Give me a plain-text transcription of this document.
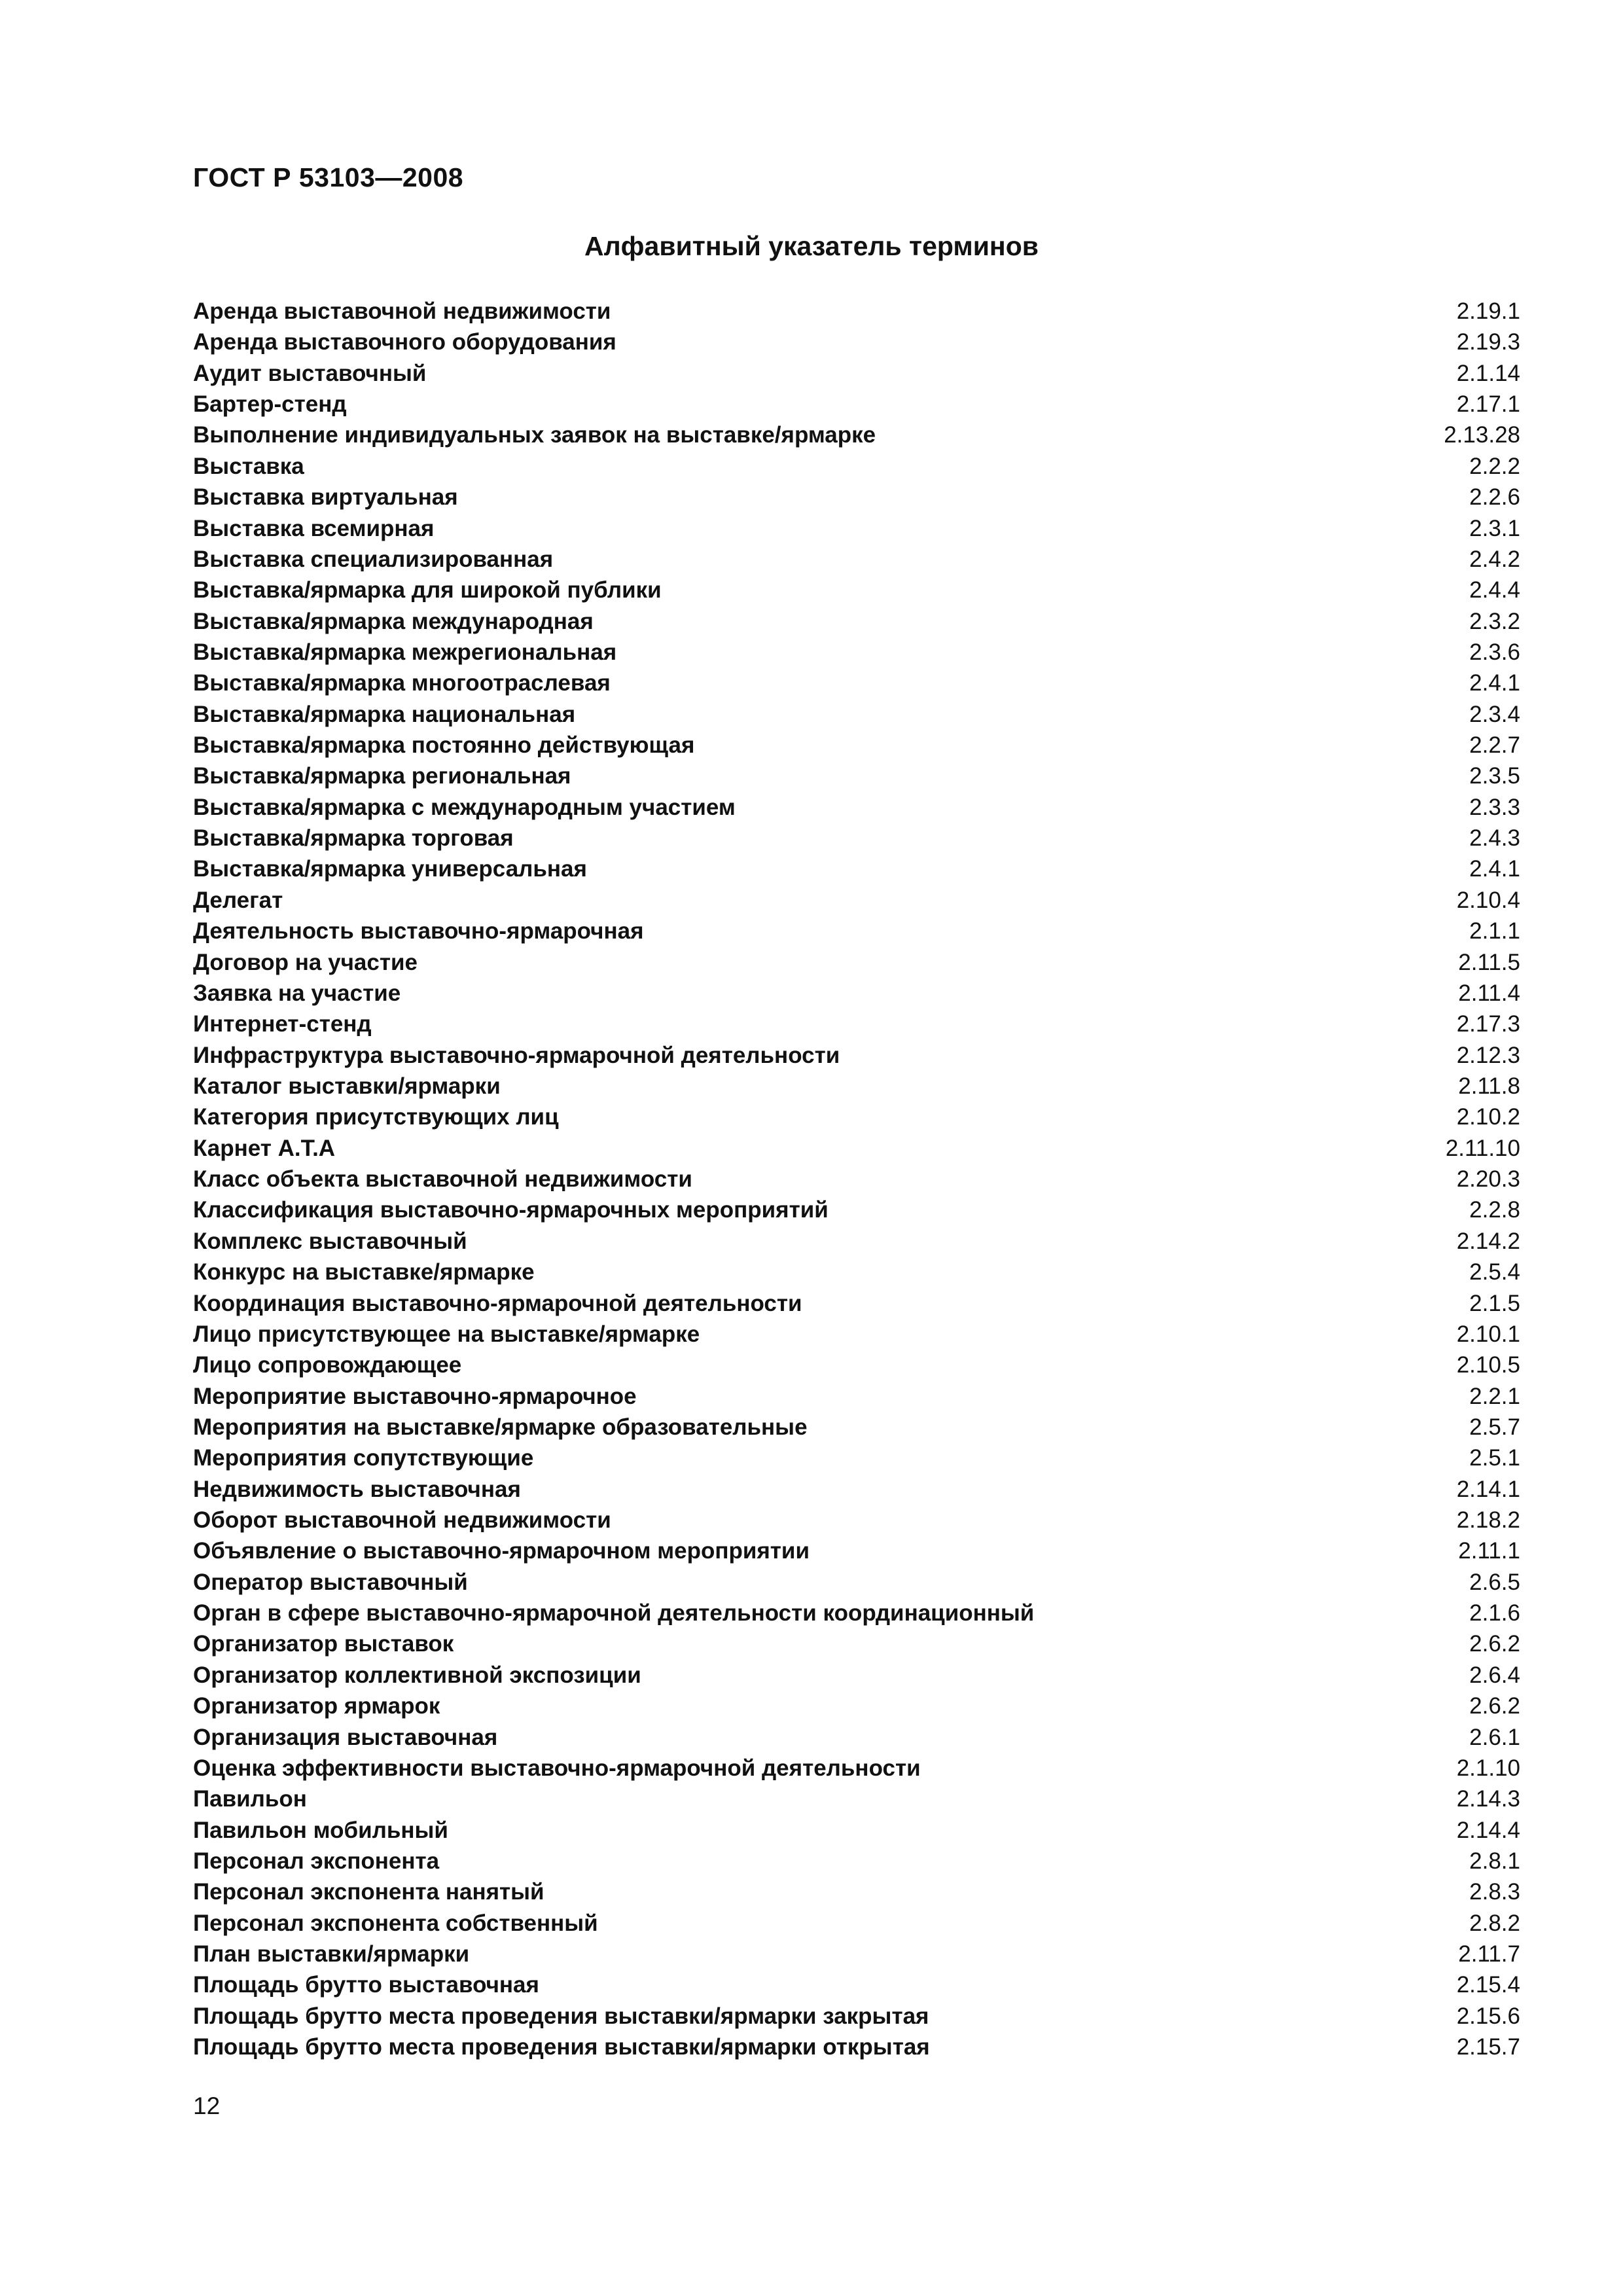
ГОСТ Р 53103—2008
Алфавитный указатель терминов
Аренда выставочной недвижимости	2.19.1
Аренда выставочного оборудования	2.19.3
Аудит выставочный	2.1.14
Бартер-стенд	2.17.1
Выполнение индивидуальных заявок на выставке/ярмарке	2.13.28
Выставка	2.2.2
Выставка виртуальная	2.2.6
Выставка всемирная	2.3.1
Выставка специализированная	2.4.2
Выставка/ярмарка для широкой публики	2.4.4
Выставка/ярмарка международная	2.3.2
Выставка/ярмарка межрегиональная	2.3.6
Выставка/ярмарка многоотраслевая	2.4.1
Выставка/ярмарка национальная	2.3.4
Выставка/ярмарка постоянно действующая	2.2.7
Выставка/ярмарка региональная	2.3.5
Выставка/ярмарка с международным участием	2.3.3
Выставка/ярмарка торговая	2.4.3
Выставка/ярмарка универсальная	2.4.1
Делегат	2.10.4
Деятельность выставочно-ярмарочная	2.1.1
Договор на участие	2.11.5
Заявка на участие	2.11.4
Интернет-стенд	2.17.3
Инфраструктура выставочно-ярмарочной деятельности	2.12.3
Каталог выставки/ярмарки	2.11.8
Категория присутствующих лиц	2.10.2
Карнет А.Т.А	2.11.10
Класс объекта выставочной недвижимости	2.20.3
Классификация выставочно-ярмарочных мероприятий	2.2.8
Комплекс выставочный	2.14.2
Конкурс на выставке/ярмарке	2.5.4
Координация выставочно-ярмарочной деятельности	2.1.5
Лицо присутствующее на выставке/ярмарке	2.10.1
Лицо сопровождающее	2.10.5
Мероприятие выставочно-ярмарочное	2.2.1
Мероприятия на выставке/ярмарке образовательные	2.5.7
Мероприятия сопутствующие	2.5.1
Недвижимость выставочная	2.14.1
Оборот выставочной недвижимости	2.18.2
Объявление о выставочно-ярмарочном мероприятии	2.11.1
Оператор выставочный	2.6.5
Орган в сфере выставочно-ярмарочной деятельности координационный	2.1.6
Организатор выставок	2.6.2
Организатор коллективной экспозиции	2.6.4
Организатор ярмарок	2.6.2
Организация выставочная	2.6.1
Оценка эффективности выставочно-ярмарочной деятельности	2.1.10
Павильон	2.14.3
Павильон мобильный	2.14.4
Персонал экспонента	2.8.1
Персонал экспонента нанятый	2.8.3
Персонал экспонента собственный	2.8.2
План выставки/ярмарки	2.11.7
Площадь брутто выставочная	2.15.4
Площадь брутто места проведения выставки/ярмарки закрытая	2.15.6
Площадь брутто места проведения выставки/ярмарки открытая	2.15.7
12
